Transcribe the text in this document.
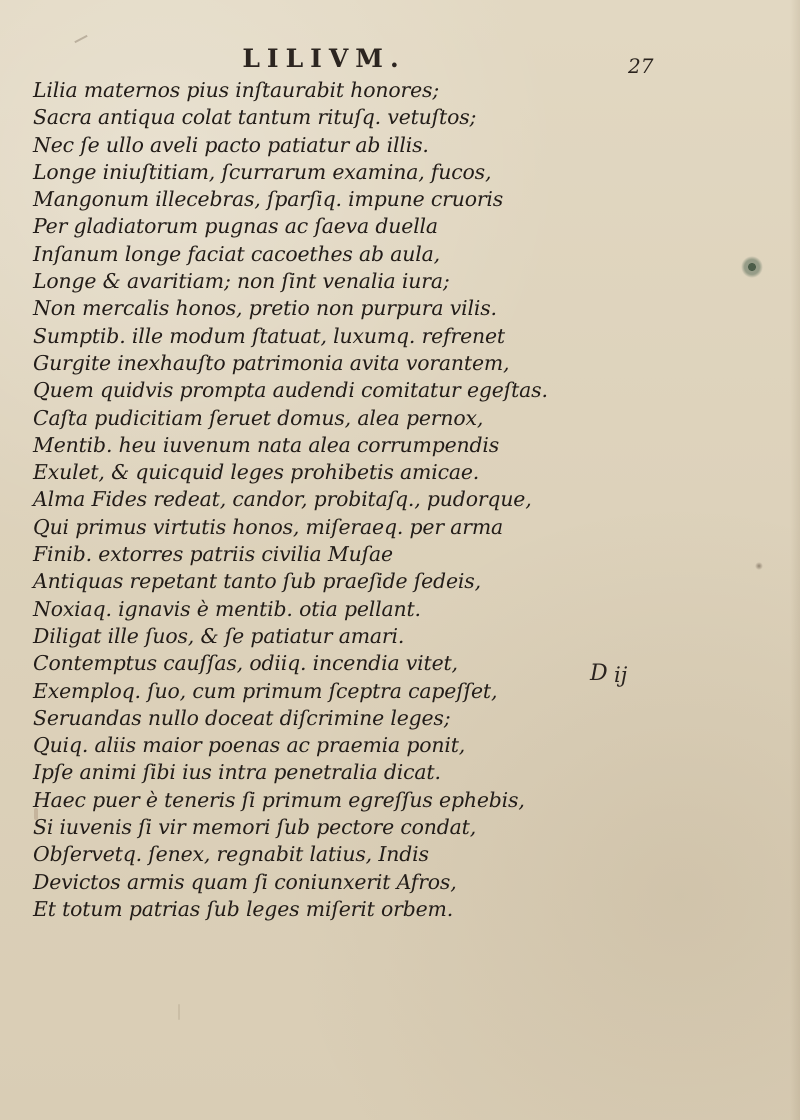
LILIVM.	27
Lilia maternos pius inſtaurabit honores;
Sacra antiqua colat tantum rituſq. vetuſtos;
Nec ſe ullo aveli pacto patiatur ab illis.
Longe iniuſtitiam, ſcurrarum examina, fucos,
Mangonum illecebras, ſparſiq. impune cruoris
Per gladiatorum pugnas ac ſaeva duella
Inſanum longe faciat cacoethes ab aula,
Longe & avaritiam; non ſint venalia iura;
Non mercalis honos, pretio non purpura vilis.
Sumptib. ille modum ſtatuat, luxumq. refrenet
Gurgite inexhauſto patrimonia avita vorantem,
Quem quidvis prompta audendi comitatur egeſtas.
Caſta pudicitiam ſeruet domus, alea pernox,
Mentib. heu iuvenum nata alea corrumpendis
Exulet, & quicquid leges prohibetis amicae.
Alma Fides redeat, candor, probitaſq., pudorque,
Qui primus virtutis honos, miſeraeq. per arma
Finib. extorres patriis civilia Muſae
Antiquas repetant tanto ſub praeſide ſedeis,
Noxiaq. ignavis è mentib. otia pellant.
Diligat ille ſuos, & ſe patiatur amari.
Contemptus cauſſas, odiiq. incendia vitet,
Exemploq. ſuo, cum primum ſceptra capeſſet,
Seruandas nullo doceat diſcrimine leges;
Quiq. aliis maior poenas ac praemia ponit,
Ipſe animi ſibi ius intra penetralia dicat.
Haec puer è teneris ſi primum egreſſus ephebis,
Si iuvenis ſi vir memori ſub pectore condat,
Obſervetq. ſenex, regnabit latius, Indis
Devictos armis quam ſi coniunxerit Afros,
Et totum patrias ſub leges miſerit orbem.
D ij
